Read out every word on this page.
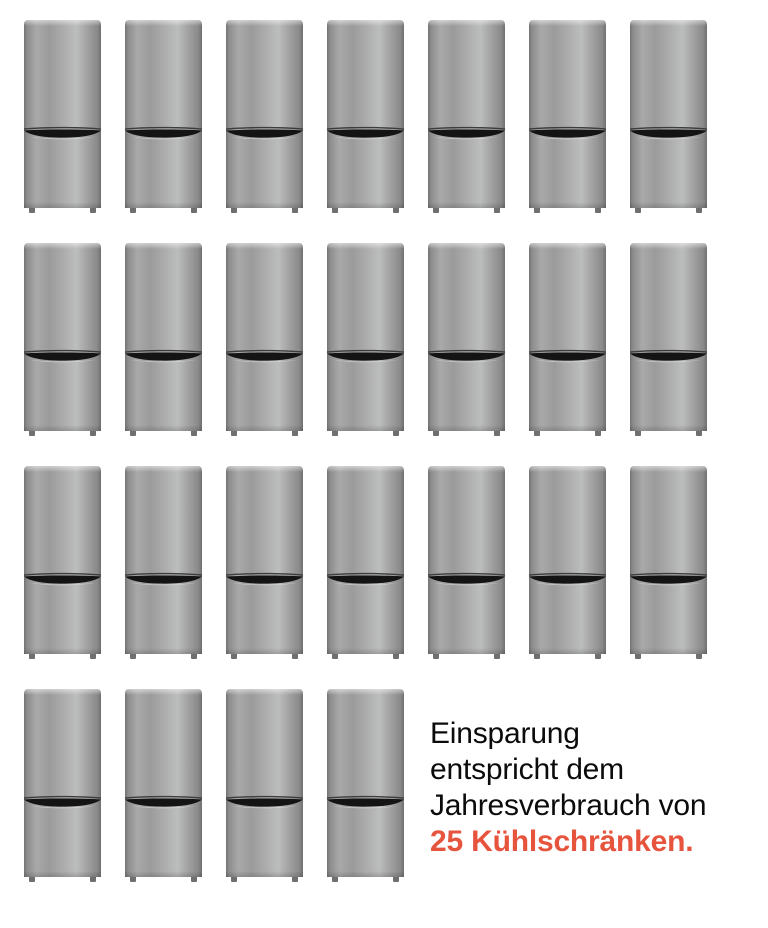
Einsparung
entspricht dem
Jahresverbrauch von
25 Kühlschränken.
